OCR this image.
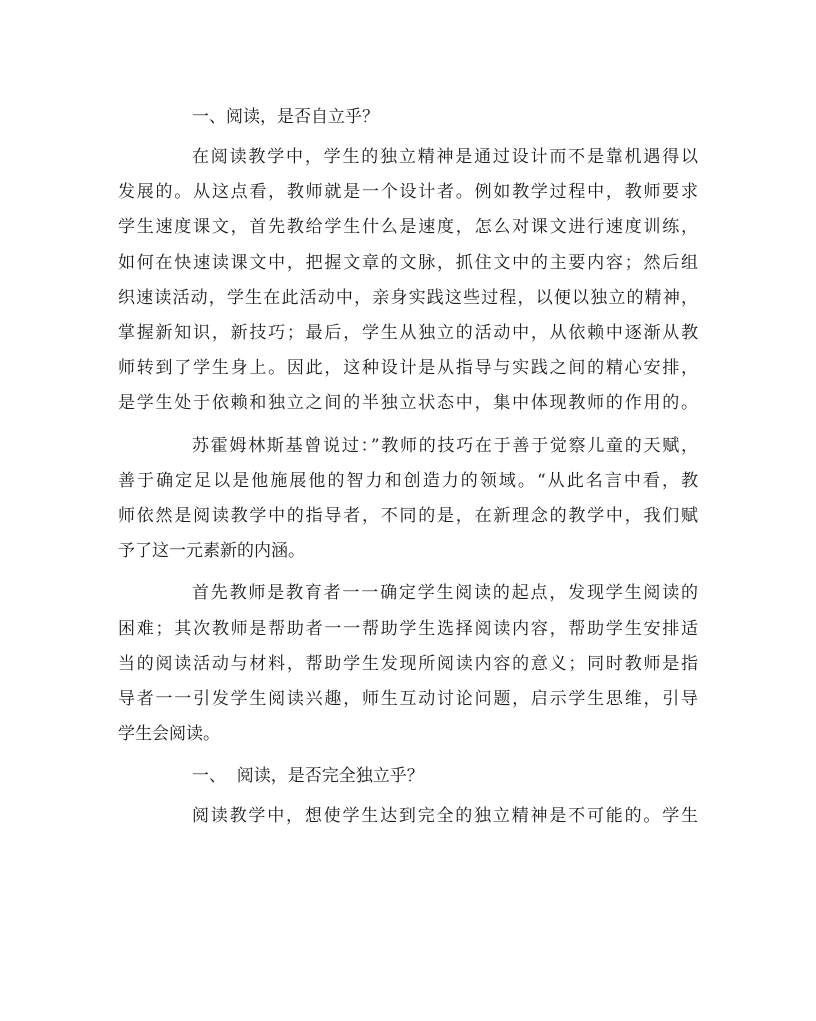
一、阅读，是否自立乎？
在阅读教学中，学生的独立精神是通过设计而不是靠机遇得以
发展的。从这点看，教师就是一个设计者。例如教学过程中，教师要求
学生速度课文，首先教给学生什么是速度，怎么对课文进行速度训练，
如何在快速读课文中，把握文章的文脉，抓住文中的主要内容；然后组
织速读活动，学生在此活动中，亲身实践这些过程，以便以独立的精神，
掌握新知识，新技巧；最后，学生从独立的活动中，从依赖中逐渐从教
师转到了学生身上。因此，这种设计是从指导与实践之间的精心安排，
是学生处于依赖和独立之间的半独立状态中，集中体现教师的作用的。
苏霍姆林斯基曾说过：”教师的技巧在于善于觉察儿童的天赋，
善于确定足以是他施展他的智力和创造力的领域。“从此名言中看，教
师依然是阅读教学中的指导者，不同的是，在新理念的教学中，我们赋
予了这一元素新的内涵。
首先教师是教育者一一确定学生阅读的起点，发现学生阅读的
困难；其次教师是帮助者一一帮助学生选择阅读内容，帮助学生安排适
当的阅读活动与材料，帮助学生发现所阅读内容的意义；同时教师是指
导者一一引发学生阅读兴趣，师生互动讨论问题，启示学生思维，引导
学生会阅读。
一、  阅读，是否完全独立乎？
阅读教学中，想使学生达到完全的独立精神是不可能的。学生
